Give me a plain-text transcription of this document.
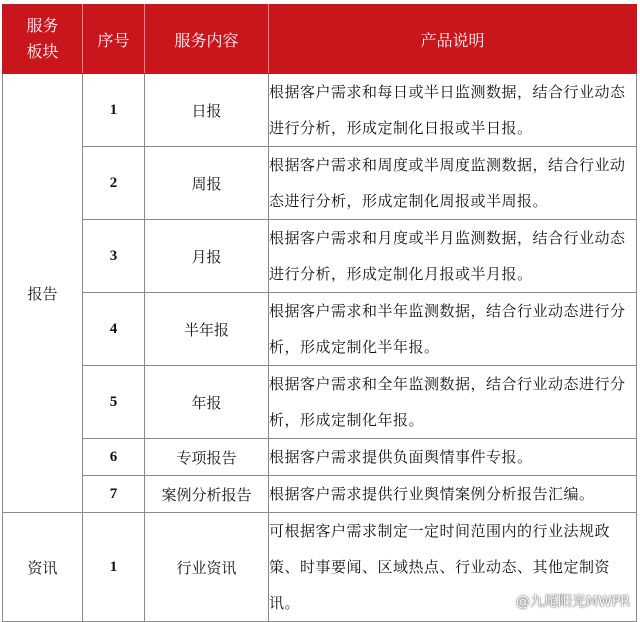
服务
板块	序号	服务内容	产品说明
报告	1	日报	根据客户需求和每日或半日监测数据，结合行业动态进行分析，形成定制化日报或半日报。
	2	周报	根据客户需求和周度或半周度监测数据，结合行业动态进行分析，形成定制化周报或半周报。
	3	月报	根据客户需求和月度或半月监测数据，结合行业动态进行分析，形成定制化月报或半月报。
	4	半年报	根据客户需求和半年监测数据，结合行业动态进行分析，形成定制化半年报。
	5	年报	根据客户需求和全年监测数据，结合行业动态进行分析，形成定制化年报。
	6	专项报告	根据客户需求提供负面舆情事件专报。
	7	案例分析报告	根据客户需求提供行业舆情案例分析报告汇编。
资讯	1	行业资讯	可根据客户需求制定一定时间范围内的行业法规政策、时事要闻、区域热点、行业动态、其他定制资讯。	@九尾阳光MWPR
